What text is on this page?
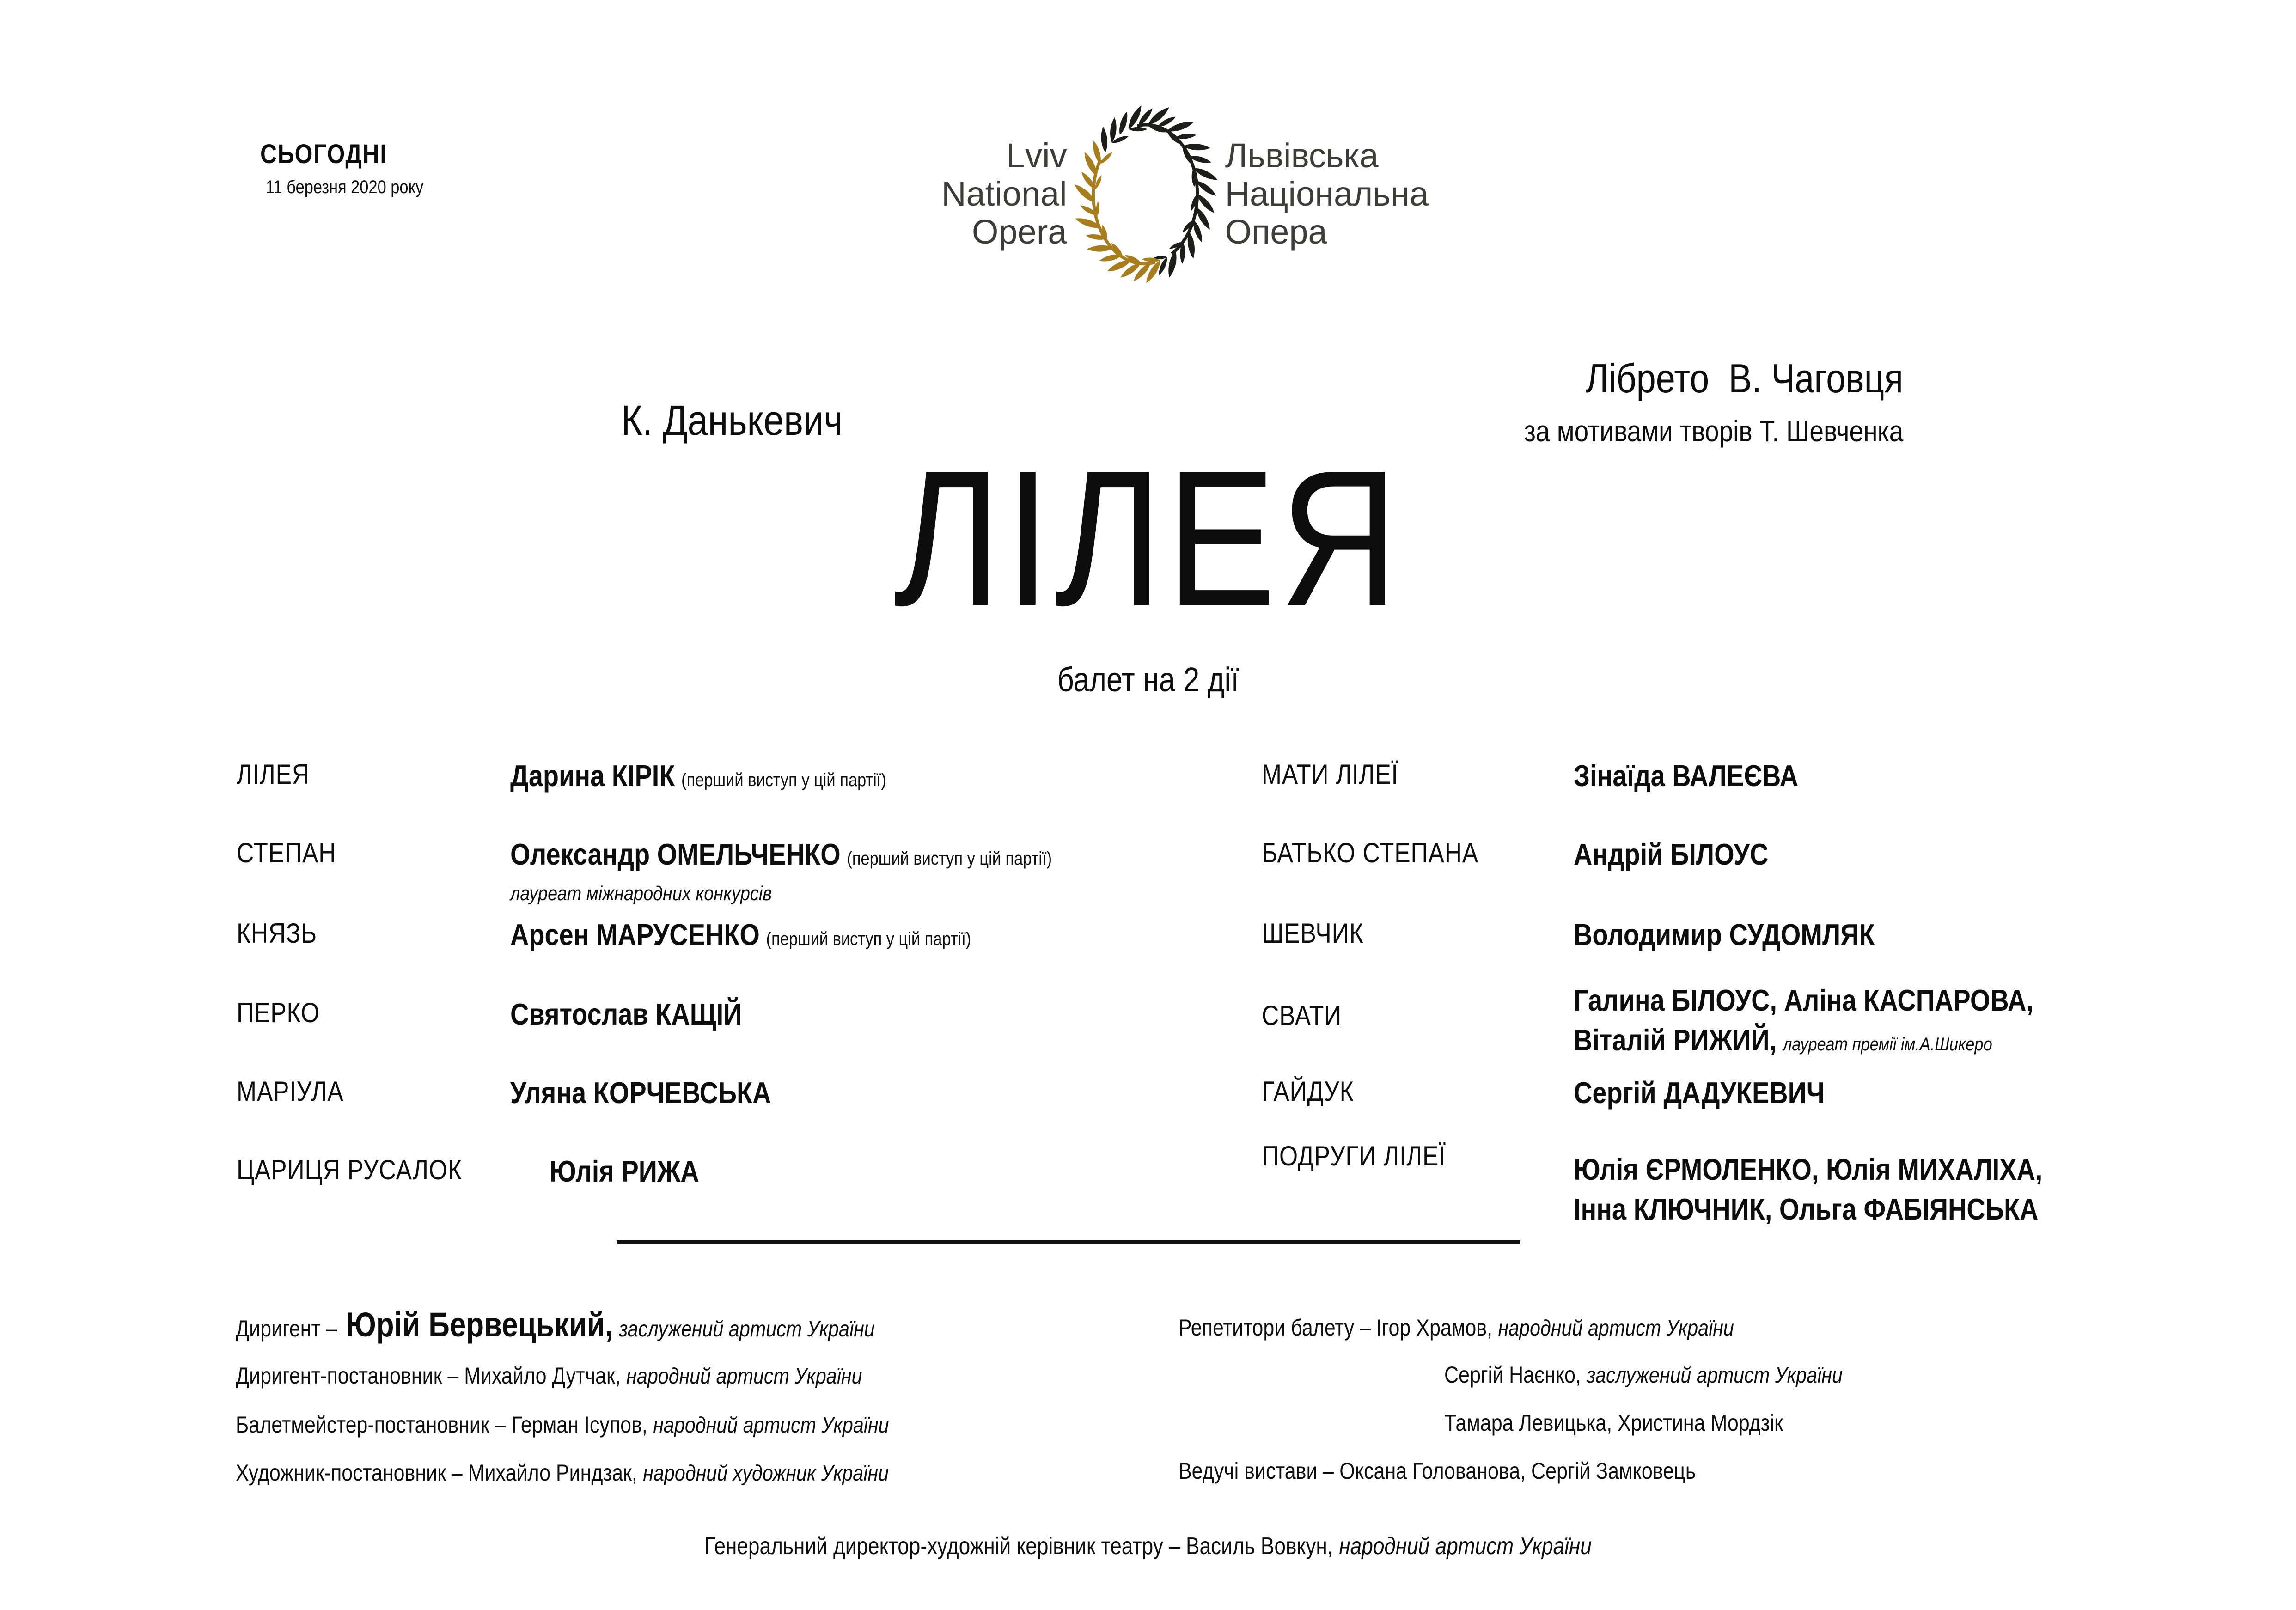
СЬОГОДНІ
11 березня 2020 року
Lviv
National
Opera
Львівська
Національна
Опера
К. Данькевич
Лібрето  В. Чаговця
за мотивами творів Т. Шевченка
ЛІЛЕЯ
балет на 2 дії
ЛІЛЕЯ	Дарина КІРІК (перший виступ у цій партії)
СТЕПАН	Олександр ОМЕЛЬЧЕНКО (перший виступ у цій партії)
лауреат міжнародних конкурсів
КНЯЗЬ	Арсен МАРУСЕНКО (перший виступ у цій партії)
ПЕРКО	Святослав КАЩІЙ
МАРІУЛА	Уляна КОРЧЕВСЬКА
ЦАРИЦЯ РУСАЛОК	Юлія РИЖА
МАТИ ЛІЛЕЇ	Зінаїда ВАЛЕЄВА
БАТЬКО СТЕПАНА	Андрій БІЛОУС
ШЕВЧИК	Володимир СУДОМЛЯК
СВАТИ	Галина БІЛОУС, Аліна КАСПАРОВА,
Віталій РИЖИЙ, лауреат премії ім.А.Шикеро
ГАЙДУК	Сергій ДАДУКЕВИЧ
ПОДРУГИ ЛІЛЕЇ	Юлія ЄРМОЛЕНКО, Юлія МИХАЛІХА,
Інна КЛЮЧНИК, Ольга ФАБІЯНСЬКА
Диригент – Юрій Бервецький, заслужений артист України
Диригент-постановник – Михайло Дутчак, народний артист України
Балетмейстер-постановник – Герман Ісупов, народний артист України
Художник-постановник – Михайло Риндзак, народний художник України
Репетитори балету – Ігор Храмов, народний артист України
Сергій Наєнко, заслужений артист України
Тамара Левицька, Христина Мордзік
Ведучі вистави – Оксана Голованова, Сергій Замковець
Генеральний директор-художній керівник театру – Василь Вовкун, народний артист України
